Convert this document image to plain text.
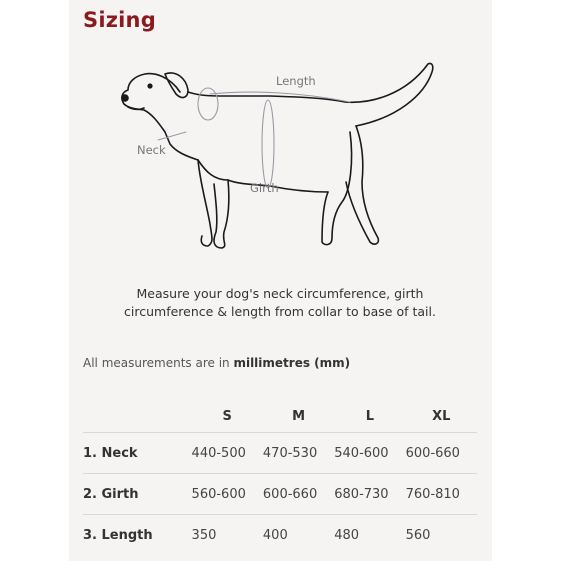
Sizing
Length
Neck
Girth
Measure your dog's neck circumference, girth circumference & length from collar to base of tail.
All measurements are in millimetres (mm)
	S	M	L	XL
1. Neck	440-500	470-530	540-600	600-660
2. Girth	560-600	600-660	680-730	760-810
3. Length	350	400	480	560
